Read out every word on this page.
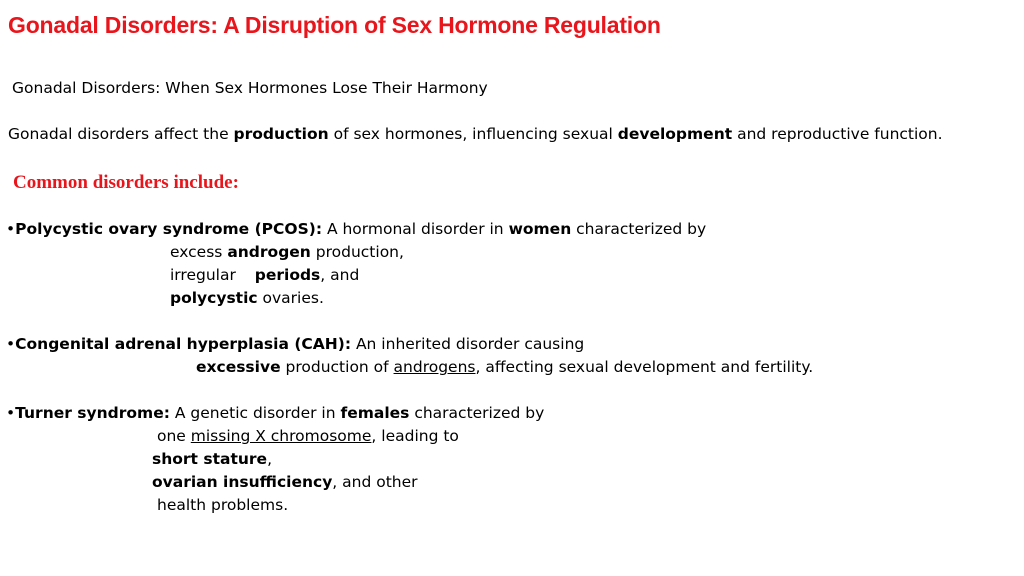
Gonadal Disorders: A Disruption of Sex Hormone Regulation
Gonadal Disorders: When Sex Hormones Lose Their Harmony
Gonadal disorders affect the production of sex hormones, influencing sexual development and reproductive function.
Common disorders include:
•Polycystic ovary syndrome (PCOS): A hormonal disorder in women characterized by
excess androgen production,
irregular periods, and
polycystic ovaries.
•Congenital adrenal hyperplasia (CAH): An inherited disorder causing
excessive production of androgens, affecting sexual development and fertility.
•Turner syndrome: A genetic disorder in females characterized by
one missing X chromosome, leading to
short stature,
ovarian insufficiency, and other
health problems.
